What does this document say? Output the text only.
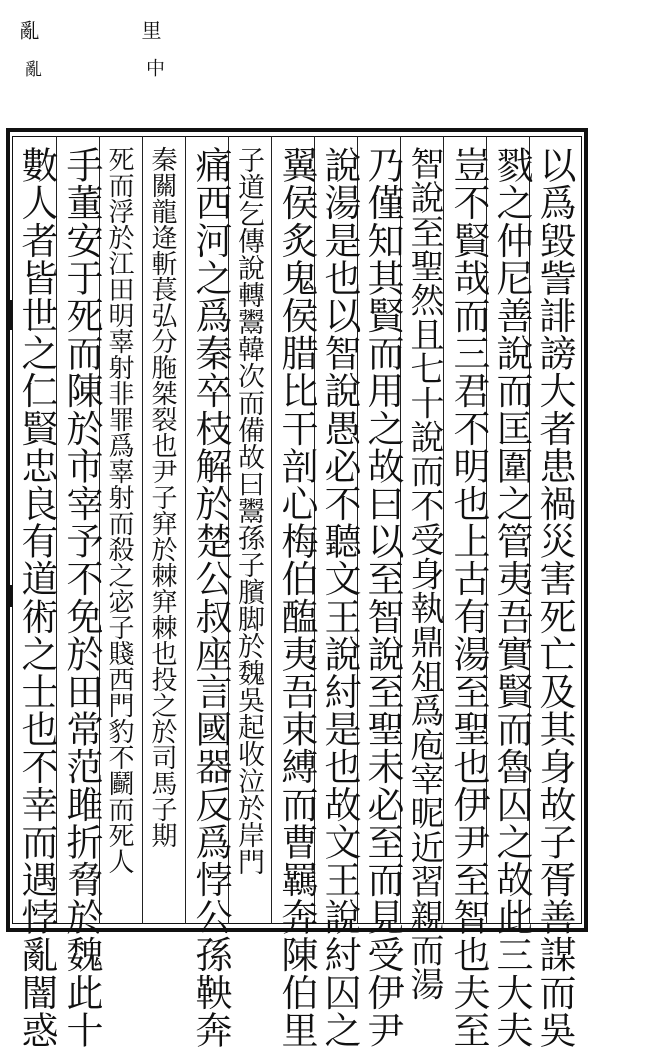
亂
亂
里
中
以爲毀訾誹謗大者患禍災害死亡及其身故子胥善謀而吳
戮之仲尼善說而匡圍之管夷吾實賢而魯囚之故此三大夫
豈不賢哉而三君不明也上古有湯至聖也伊尹至智也夫至
智說至聖然且七十說而不受身執鼎俎爲庖宰昵近習親而湯
乃僅知其賢而用之故曰以至智說至聖未必至而見受伊尹
說湯是也以智說愚必不聽文王說紂是也故文王說紂囚之
翼侯炙鬼侯腊比干剖心梅伯醢夷吾束縛而曹羈奔陳伯里
子道乞傳說轉鬻韓次而備故曰鬻孫子臏脚於魏吳起收泣於岸門
痛西河之爲秦卒枝解於楚公叔座言國器反爲悖公孫鞅奔
秦關龍逄斬萇弘分胣桀裂也尹子穽於棘穽棘也投之於司馬子期
死而浮於江田明辜射非罪爲辜射而殺之宓子賤西門豹不鬬而死人
手董安于死而陳於市宰予不免於田常范雎折脅於魏此十
數人者皆世之仁賢忠良有道術之士也不幸而遇悖亂闇惑
